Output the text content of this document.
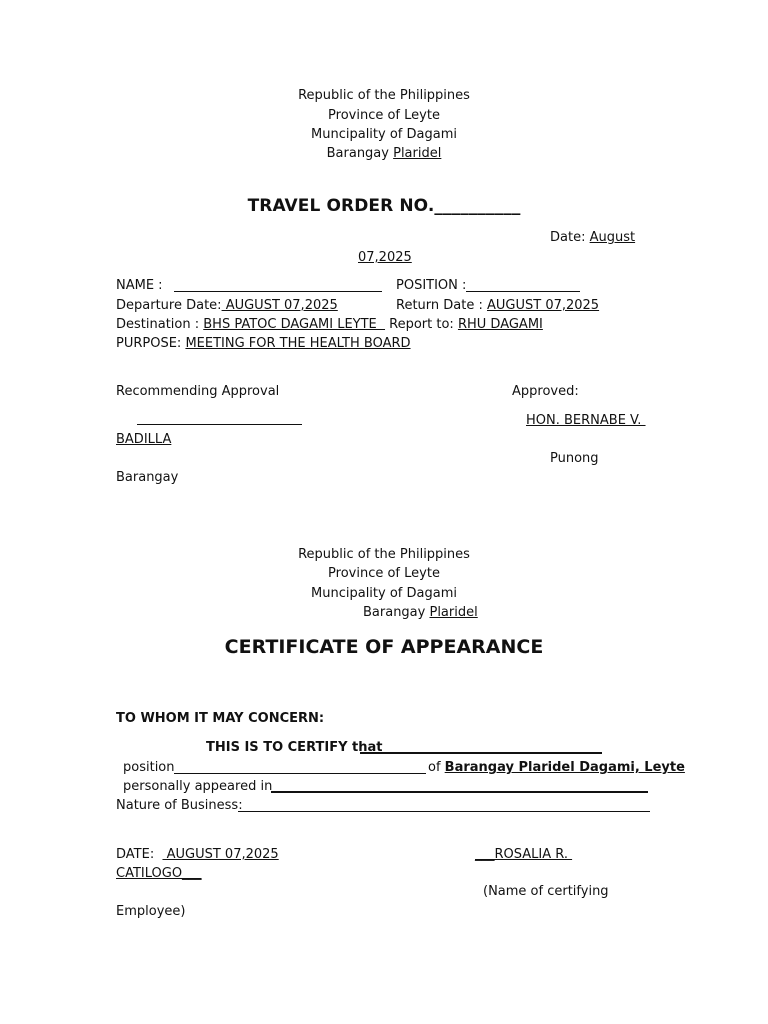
Republic of the Philippines
Province of Leyte
Muncipality of Dagami
Barangay Plaridel
TRAVEL ORDER NO.__________
Date: August
07,2025
NAME :	POSITION :
Departure Date: AUGUST 07,2025	Return Date : AUGUST 07,2025
Destination : BHS PATOC DAGAMI LEYTE   Report to: RHU DAGAMI
PURPOSE: MEETING FOR THE HEALTH BOARD
Recommending Approval	Approved:
HON. BERNABE V.
BADILLA
Punong
Barangay
Republic of the Philippines
Province of Leyte
Muncipality of Dagami
Barangay Plaridel
CERTIFICATE OF APPEARANCE
TO WHOM IT MAY CONCERN:
THIS IS TO CERTIFY that
position	of Barangay Plaridel Dagami, Leyte
personally appeared in
Nature of Business:
DATE:   AUGUST 07,2025	___ROSALIA R.
CATILOGO___
(Name of certifying
Employee)
